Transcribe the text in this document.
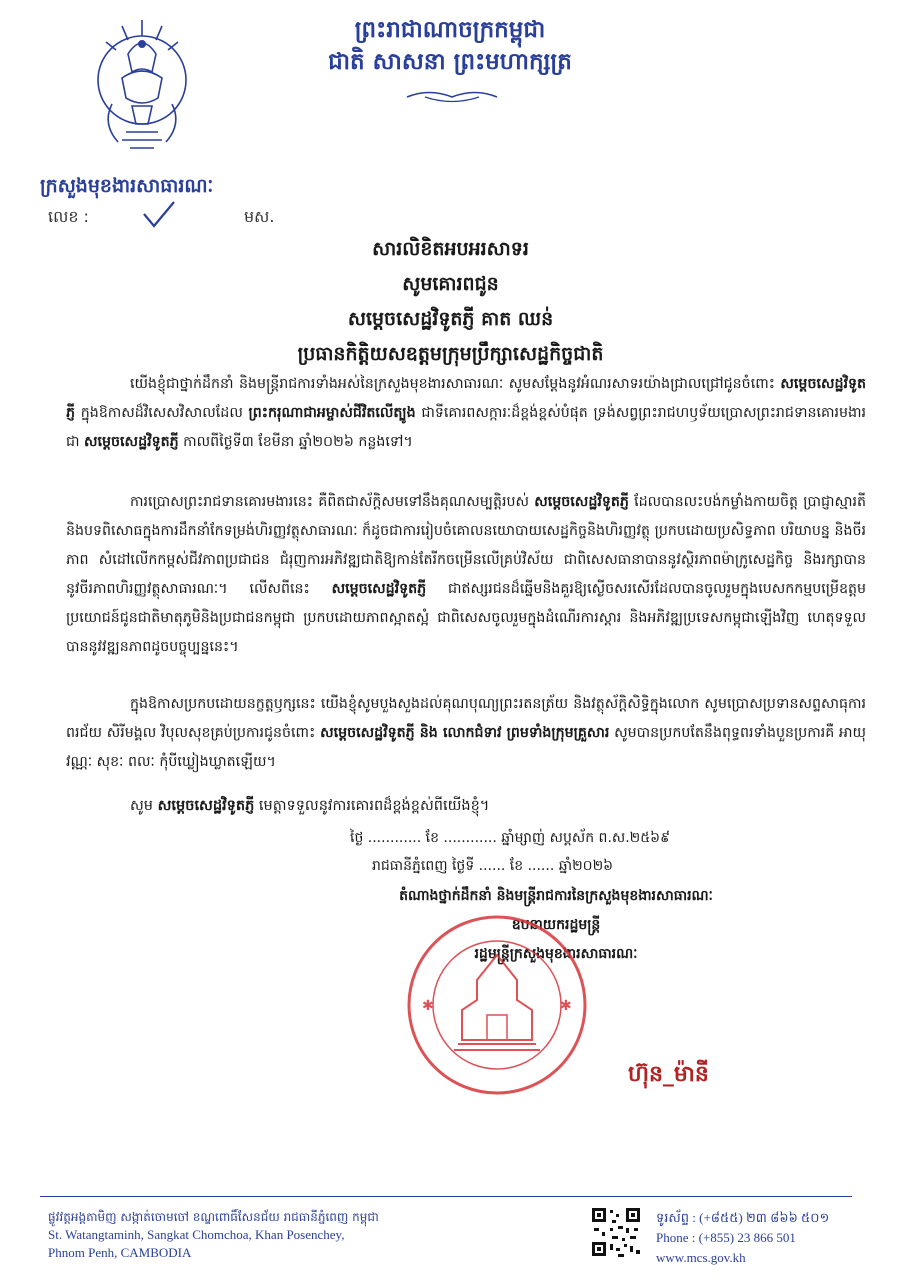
ព្រះរាជាណាចក្រកម្ពុជា
ជាតិ សាសនា ព្រះមហាក្សត្រ
ក្រសួងមុខងារសាធារណៈ
លេខ :	មស.
សារលិខិតអបអរសាទរ
សូមគោរពជូន
សម្តេចសេដ្ឋវិទូតភ្ញី គាត ឈន់
ប្រធានកិត្តិយសឧត្តមក្រុមប្រឹក្សាសេដ្ឋកិច្ចជាតិ
យើងខ្ញុំជាថ្នាក់ដឹកនាំ និងមន្ត្រីរាជការទាំងអស់នៃក្រសួងមុខងារសាធារណៈ សូមសម្តែងនូវអំណរសាទរយ៉ាងជ្រាលជ្រៅជូនចំពោះ សម្តេចសេដ្ឋវិទូតភ្ញី ក្នុងឱកាសដ៏វិសេសវិសាលដែល ព្រះករុណាជាអម្ចាស់ជីវិតលើត្បូង ជាទីគោរពសក្ការៈដ៏ខ្ពង់ខ្ពស់បំផុត ទ្រង់សព្វព្រះរាជហឫទ័យប្រោសព្រះរាជទានគោរមងារ ជា សម្តេចសេដ្ឋវិទូតភ្ញី កាលពីថ្ងៃទី៣ ខែមីនា ឆ្នាំ២០២៦ កន្លងទៅ។
ការប្រោសព្រះរាជទានគោរមងារនេះ គឺពិតជាស័ក្តិសមទៅនឹងគុណសម្បត្តិរបស់ សម្តេចសេដ្ឋវិទូតភ្ញី ដែលបានលះបង់កម្លាំងកាយចិត្ត ប្រាជ្ញាស្មារតី និងបទពិសោធក្នុងការដឹកនាំកែទម្រង់ហិរញ្ញវត្ថុសាធារណៈ ក៏ដូចជាការរៀបចំគោលនយោបាយសេដ្ឋកិច្ចនិងហិរញ្ញវត្ថុ ប្រកបដោយប្រសិទ្ធភាព បរិយាបន្ន និងចីរភាព សំដៅលើកកម្ពស់ជីវភាពប្រជាជន ជំរុញការអភិវឌ្ឍជាតិឱ្យកាន់តែរីកចម្រើនលើគ្រប់វិស័យ ជាពិសេសធានាបាននូវស្ថិរភាពម៉ាក្រូសេដ្ឋកិច្ច និងរក្សាបាននូវចីរភាពហិរញ្ញវត្ថុសាធារណៈ។ លើសពីនេះ សម្តេចសេដ្ឋវិទូតភ្ញី ជាឥស្សរជនដ៏ឆ្នើមនិងគួរឱ្យស្ងើចសរសើរដែលបានចូលរួមក្នុងបេសកកម្មបម្រើឧត្តមប្រយោជន៍ជូនជាតិមាតុភូមិនិងប្រជាជនកម្ពុជា ប្រកបដោយភាពស្អាតស្អំ ជាពិសេសចូលរួមក្នុងដំណើរការស្តារ និងអភិវឌ្ឍប្រទេសកម្ពុជាឡើងវិញ ហេតុទទួលបាននូវវឌ្ឍនភាពដូចបច្ចុប្បន្ននេះ។
ក្នុងឱកាសប្រកបដោយនក្ខត្តឫក្សនេះ យើងខ្ញុំសូមបួងសួងដល់គុណបុណ្យព្រះរតនត្រ័យ និងវត្ថុស័ក្តិសិទ្ធិក្នុងលោក សូមប្រោសប្រទានសព្ទសាធុការពរជ័យ សិរីមង្គល វិបុលសុខគ្រប់ប្រការជូនចំពោះ សម្តេចសេដ្ឋវិទូតភ្ញី និង លោកជំទាវ ព្រមទាំងក្រុមគ្រួសារ សូមបានប្រកបតែនឹងពុទ្ធពរទាំងបួនប្រការគឺ អាយុ វណ្ណៈ សុខៈ ពលៈ កុំបីឃ្លៀងឃ្លាតឡើយ។
សូម សម្តេចសេដ្ឋវិទូតភ្ញី មេត្តាទទួលនូវការគោរពដ៏ខ្ពង់ខ្ពស់ពីយើងខ្ញុំ។
ថ្ងៃ ............ ខែ ............ ឆ្នាំម្សាញ់ សប្តស័ក ព.ស.២៥៦៩
រាជធានីភ្នំពេញ ថ្ងៃទី ...... ខែ ...... ឆ្នាំ២០២៦
តំណាងថ្នាក់ដឹកនាំ និងមន្ត្រីរាជការនៃក្រសួងមុខងារសាធារណៈ
ឧបនាយករដ្ឋមន្ត្រី
រដ្ឋមន្ត្រីក្រសួងមុខងារសាធារណៈ
✱	✱
ហ៊ុន_ម៉ានី
ផ្លូវវត្តអង្គតាមិញ សង្កាត់ចោមចៅ ខណ្ឌពោធិ៍សែនជ័យ រាជធានីភ្នំពេញ កម្ពុជា
St. Watangtaminh, Sangkat Chomchoa, Khan Posenchey,
Phnom Penh, CAMBODIA
ទូរស័ព្ទ : (+៨៥៥) ២៣ ៨៦៦ ៥០១
Phone : (+855) 23 866 501
www.mcs.gov.kh
